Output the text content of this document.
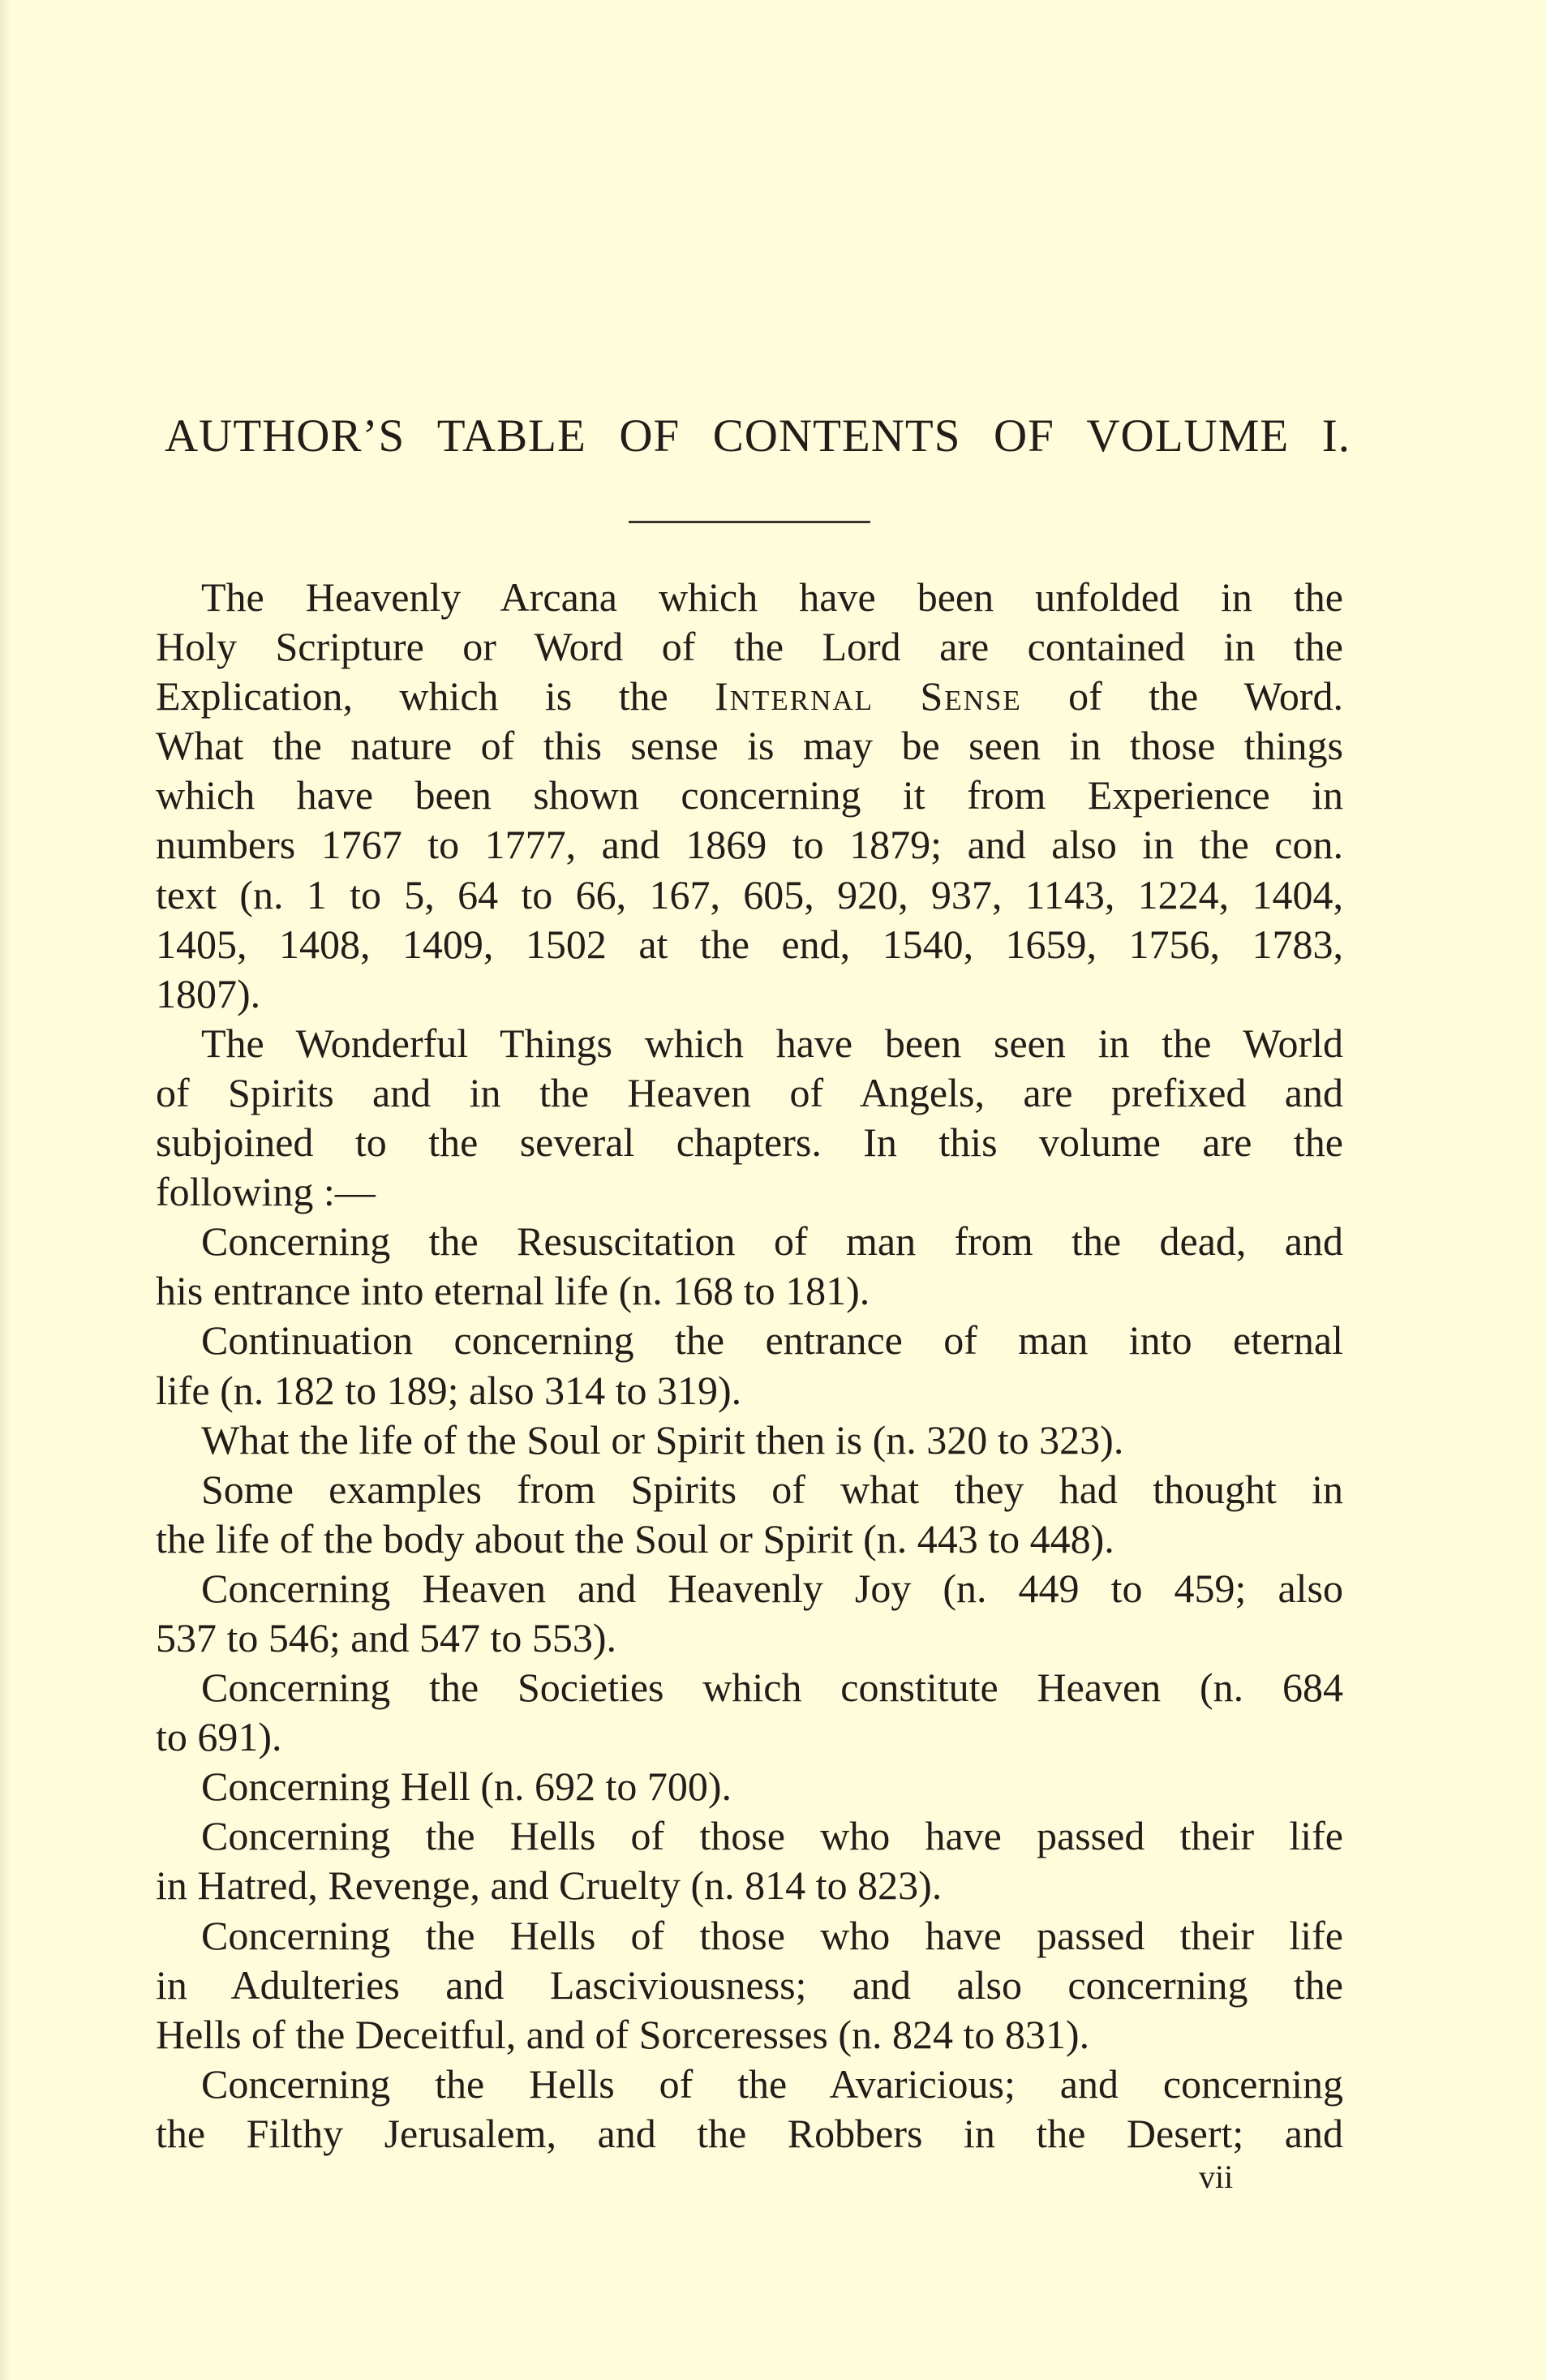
AUTHOR’S TABLE OF CONTENTS OF VOLUME I.
The Heavenly Arcana which have been unfolded in the
Holy Scripture or Word of the Lord are contained in the
Explication, which is the Internal Sense of the Word.
What the nature of this sense is may be seen in those things
which have been shown concerning it from Experience in
numbers 1767 to 1777, and 1869 to 1879; and also in the con.
text (n. 1 to 5, 64 to 66, 167, 605, 920, 937, 1143, 1224, 1404,
1405, 1408, 1409, 1502 at the end, 1540, 1659, 1756, 1783,
1807).
The Wonderful Things which have been seen in the World
of Spirits and in the Heaven of Angels, are prefixed and
subjoined to the several chapters. In this volume are the
following :—
Concerning the Resuscitation of man from the dead, and
his entrance into eternal life (n. 168 to 181).
Continuation concerning the entrance of man into eternal
life (n. 182 to 189; also 314 to 319).
What the life of the Soul or Spirit then is (n. 320 to 323).
Some examples from Spirits of what they had thought in
the life of the body about the Soul or Spirit (n. 443 to 448).
Concerning Heaven and Heavenly Joy (n. 449 to 459; also
537 to 546; and 547 to 553).
Concerning the Societies which constitute Heaven (n. 684
to 691).
Concerning Hell (n. 692 to 700).
Concerning the Hells of those who have passed their life
in Hatred, Revenge, and Cruelty (n. 814 to 823).
Concerning the Hells of those who have passed their life
in Adulteries and Lasciviousness; and also concerning the
Hells of the Deceitful, and of Sorceresses (n. 824 to 831).
Concerning the Hells of the Avaricious; and concerning
the Filthy Jerusalem, and the Robbers in the Desert; and
vii
